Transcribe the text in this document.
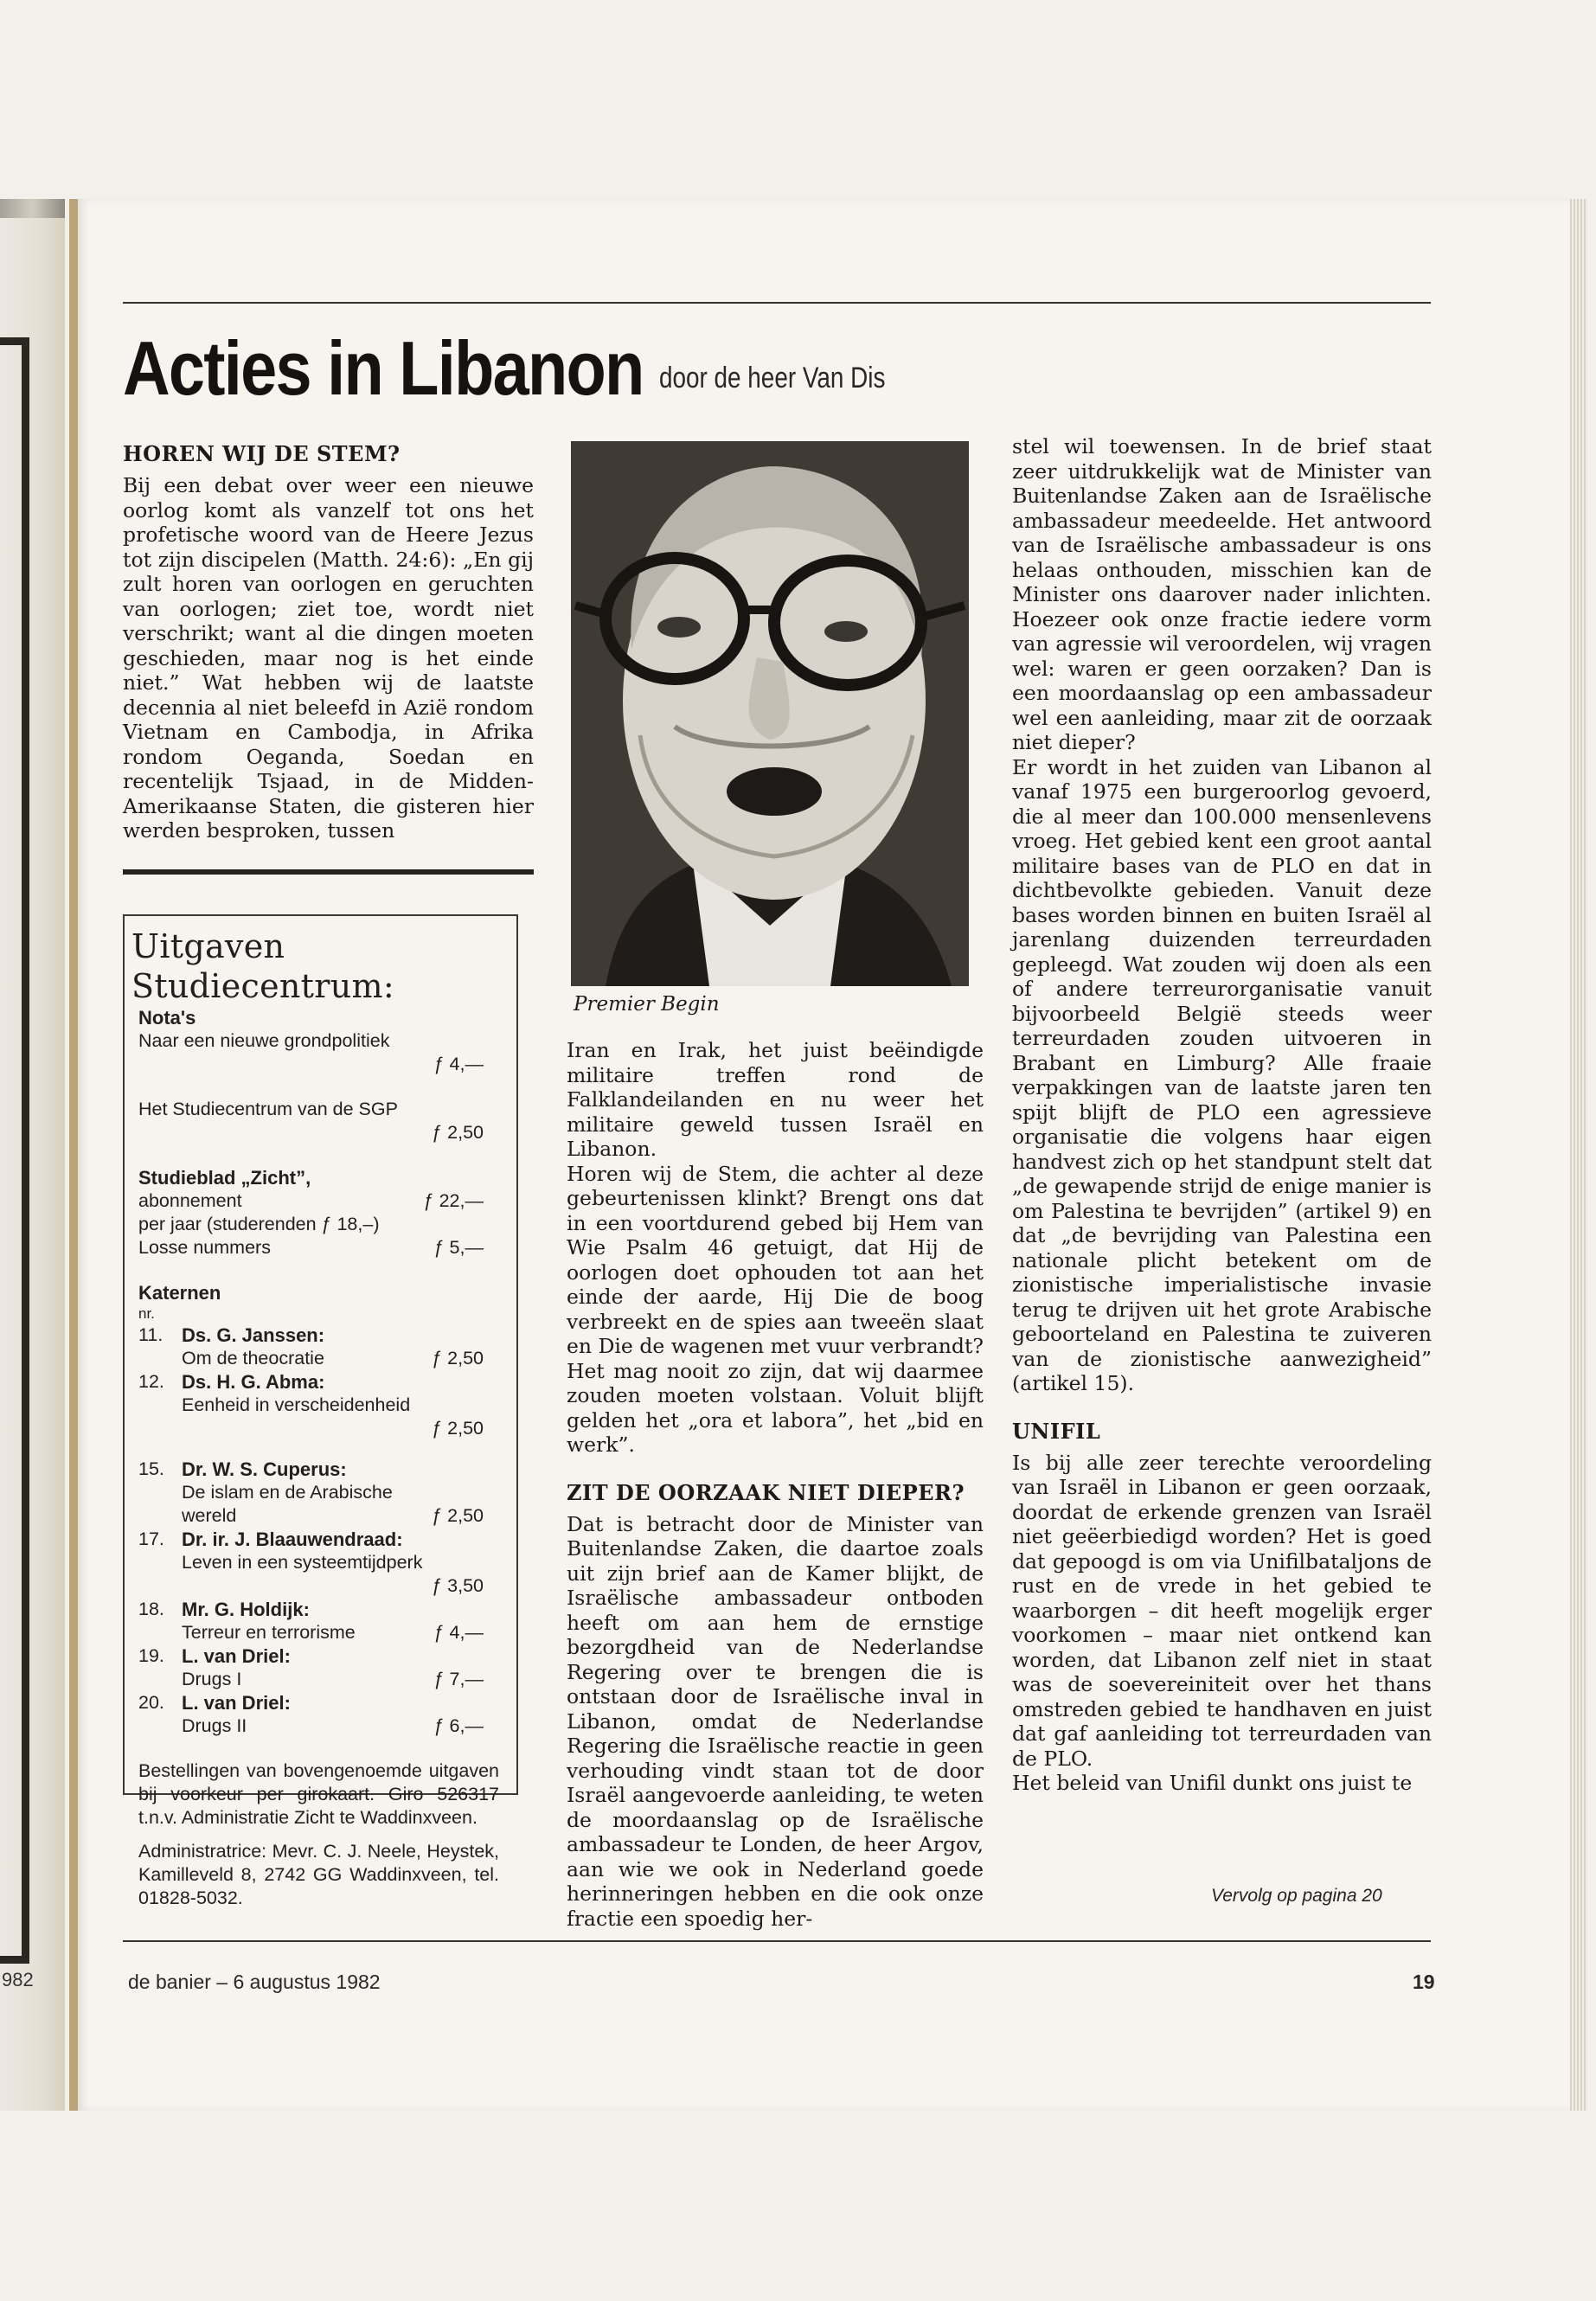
982
Acties in Libanon door de heer Van Dis
HOREN WIJ DE STEM?

Bij een debat over weer een nieuwe oorlog komt als vanzelf tot ons het profetische woord van de Heere Jezus tot zijn discipelen (Matth. 24:6): „En gij zult horen van oorlogen en geruchten van oorlogen; ziet toe, wordt niet verschrikt; want al die dingen moeten geschieden, maar nog is het einde niet.” Wat hebben wij de laatste decennia al niet beleefd in Azië rondom Vietnam en Cambodja, in Afrika rondom Oeganda, Soedan en recentelijk Tsjaad, in de Midden-Amerikaanse Staten, die gisteren hier werden besproken, tussen

Uitgaven Studiecentrum:
Nota's
Naar een nieuwe grondpolitiek
ƒ 4,—
Het Studiecentrum van de SGP
ƒ 2,50
Studieblad „Zicht”,
abonnement	ƒ 22,—
per jaar (studerenden ƒ 18,–)
Losse nummers	ƒ 5,—
Katernen
nr.
11. Ds. G. Janssen:
Om de theocratie	ƒ 2,50
12. Ds. H. G. Abma:
Eenheid in verscheidenheid
ƒ 2,50
15. Dr. W. S. Cuperus:
De islam en de Arabische
wereld	ƒ 2,50
17. Dr. ir. J. Blaauwendraad:
Leven in een systeemtijdperk
ƒ 3,50
18. Mr. G. Holdijk:
Terreur en terrorisme	ƒ 4,—
19. L. van Driel:
Drugs I	ƒ 7,—
20. L. van Driel:
Drugs II	ƒ 6,—
Bestellingen van bovengenoemde uitgaven bij voorkeur per girokaart. Giro 526317 t.n.v. Administratie Zicht te Waddinxveen.
Administratrice: Mevr. C. J. Neele, Heystek, Kamilleveld 8, 2742 GG Waddinxveen, tel. 01828-5032.
Premier Begin

Iran en Irak, het juist beëindigde militaire treffen rond de Falklandeilanden en nu weer het militaire geweld tussen Israël en Libanon.

Horen wij de Stem, die achter al deze gebeurtenissen klinkt? Brengt ons dat in een voortdurend gebed bij Hem van Wie Psalm 46 getuigt, dat Hij de oorlogen doet ophouden tot aan het einde der aarde, Hij Die de boog verbreekt en de spies aan tweeën slaat en Die de wagenen met vuur verbrandt? Het mag nooit zo zijn, dat wij daarmee zouden moeten volstaan. Voluit blijft gelden het „ora et labora”, het „bid en werk”.

ZIT DE OORZAAK NIET DIEPER?

Dat is betracht door de Minister van Buitenlandse Zaken, die daartoe zoals uit zijn brief aan de Kamer blijkt, de Israëlische ambassadeur ontboden heeft om aan hem de ernstige bezorgdheid van de Nederlandse Regering over te brengen die is ontstaan door de Israëlische inval in Libanon, omdat de Nederlandse Regering die Israëlische reactie in geen verhouding vindt staan tot de door Israël aangevoerde aanleiding, te weten de moordaanslag op de Israëlische ambassadeur te Londen, de heer Argov, aan wie we ook in Nederland goede herinneringen hebben en die ook onze fractie een spoedig her-

stel wil toewensen. In de brief staat zeer uitdrukkelijk wat de Minister van Buitenlandse Zaken aan de Israëlische ambassadeur meedeelde. Het antwoord van de Israëlische ambassadeur is ons helaas onthouden, misschien kan de Minister ons daarover nader inlichten. Hoezeer ook onze fractie iedere vorm van agressie wil veroordelen, wij vragen wel: waren er geen oorzaken? Dan is een moordaanslag op een ambassadeur wel een aanleiding, maar zit de oorzaak niet dieper?

Er wordt in het zuiden van Libanon al vanaf 1975 een burgeroorlog gevoerd, die al meer dan 100.000 mensenlevens vroeg. Het gebied kent een groot aantal militaire bases van de PLO en dat in dichtbevolkte gebieden. Vanuit deze bases worden binnen en buiten Israël al jarenlang duizenden terreurdaden gepleegd. Wat zouden wij doen als een of andere terreurorganisatie vanuit bijvoorbeeld België steeds weer terreurdaden zouden uitvoeren in Brabant en Limburg? Alle fraaie verpakkingen van de laatste jaren ten spijt blijft de PLO een agressieve organisatie die volgens haar eigen handvest zich op het standpunt stelt dat „de gewapende strijd de enige manier is om Palestina te bevrijden” (artikel 9) en dat „de bevrijding van Palestina een nationale plicht betekent om de zionistische imperialistische invasie terug te drijven uit het grote Arabische geboorteland en Palestina te zuiveren van de zionistische aanwezigheid” (artikel 15).

UNIFIL

Is bij alle zeer terechte veroordeling van Israël in Libanon er geen oorzaak, doordat de erkende grenzen van Israël niet geëerbiedigd worden? Het is goed dat gepoogd is om via Unifilbataljons de rust en de vrede in het gebied te waarborgen – dit heeft mogelijk erger voorkomen – maar niet ontkend kan worden, dat Libanon zelf niet in staat was de soevereiniteit over het thans omstreden gebied te handhaven en juist dat gaf aanleiding tot terreurdaden van de PLO.

Het beleid van Unifil dunkt ons juist te

Vervolg op pagina 20
de banier – 6 augustus 1982	19
